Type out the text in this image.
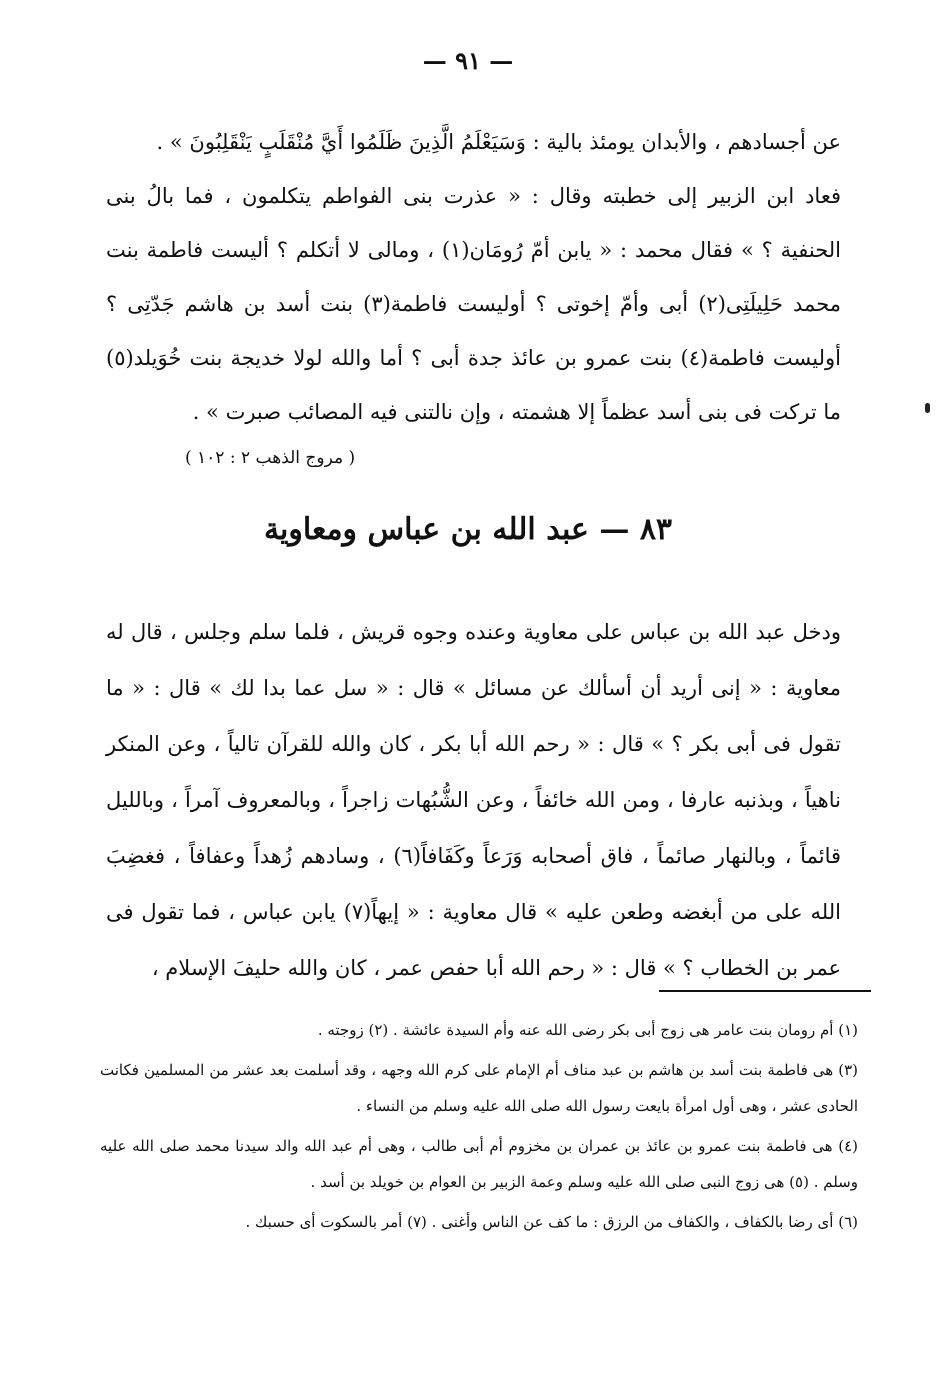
— ٩١ —

عن أجسادهم ، والأبدان يومئذ بالية : وَسَيَعْلَمُ الَّذِينَ ظَلَمُوا أَيَّ مُنْقَلَبٍ يَنْقَلِبُونَ » .

فعاد ابن الزبير إلى خطبته وقال : « عذرت بنى الفواطم يتكلمون ، فما بالُ بنى الحنفية ؟ » فقال محمد : « يابن أمّ رُومَان(١) ، ومالى لا أتكلم ؟ أليست فاطمة بنت محمد حَلِيلَتِى(٢) أبى وأمّ إخوتى ؟ أوليست فاطمة(٣) بنت أسد بن هاشم جَدّتِى ؟ أوليست فاطمة(٤) بنت عمرو بن عائذ جدة أبى ؟ أما والله لولا خديجة بنت خُوَيلد(٥) ما تركت فى بنى أسد عظماً إلا هشمته ، وإن نالتنى فيه المصائب صبرت » .

( مروج الذهب ٢ : ١٠٢ )
٨٣ — عبد الله بن عباس ومعاوية

ودخل عبد الله بن عباس على معاوية وعنده وجوه قريش ، فلما سلم وجلس ، قال له معاوية : « إنى أريد أن أسألك عن مسائل » قال : « سل عما بدا لك » قال : « ما تقول فى أبى بكر ؟ » قال : « رحم الله أبا بكر ، كان والله للقرآن تالياً ، وعن المنكر ناهياً ، وبذنبه عارفا ، ومن الله خائفاً ، وعن الشُّبُهات زاجراً ، وبالمعروف آمراً ، وبالليل قائماً ، وبالنهار صائماً ، فاق أصحابه وَرَعاً وكَفَافاً(٦) ، وسادهم زُهداً وعفافاً ، فغضِبَ الله على من أبغضه وطعن عليه » قال معاوية : « إيهاً(٧) يابن عباس ، فما تقول فى عمر بن الخطاب ؟ » قال : « رحم الله أبا حفص عمر ، كان والله حليفَ الإسلام ،

(١) أم رومان بنت عامر هى زوج أبى بكر رضى الله عنه وأم السيدة عائشة . (٢) زوجته .

(٣) هى فاطمة بنت أسد بن هاشم بن عبد مناف أم الإمام على كرم الله وجهه ، وقد أسلمت بعد عشر من المسلمين فكانت الحادى عشر ، وهى أول امرأة بايعت رسول الله صلى الله عليه وسلم من النساء .

(٤) هى فاطمة بنت عمرو بن عائذ بن عمران بن مخزوم أم أبى طالب ، وهى أم عبد الله والد سيدنا محمد صلى الله عليه وسلم . (٥) هى زوج النبى صلى الله عليه وسلم وعمة الزبير بن العوام بن خويلد بن أسد .

(٦) أى رضا بالكفاف ، والكفاف من الرزق : ما كف عن الناس وأغنى . (٧) أمر بالسكوت أى حسبك .
